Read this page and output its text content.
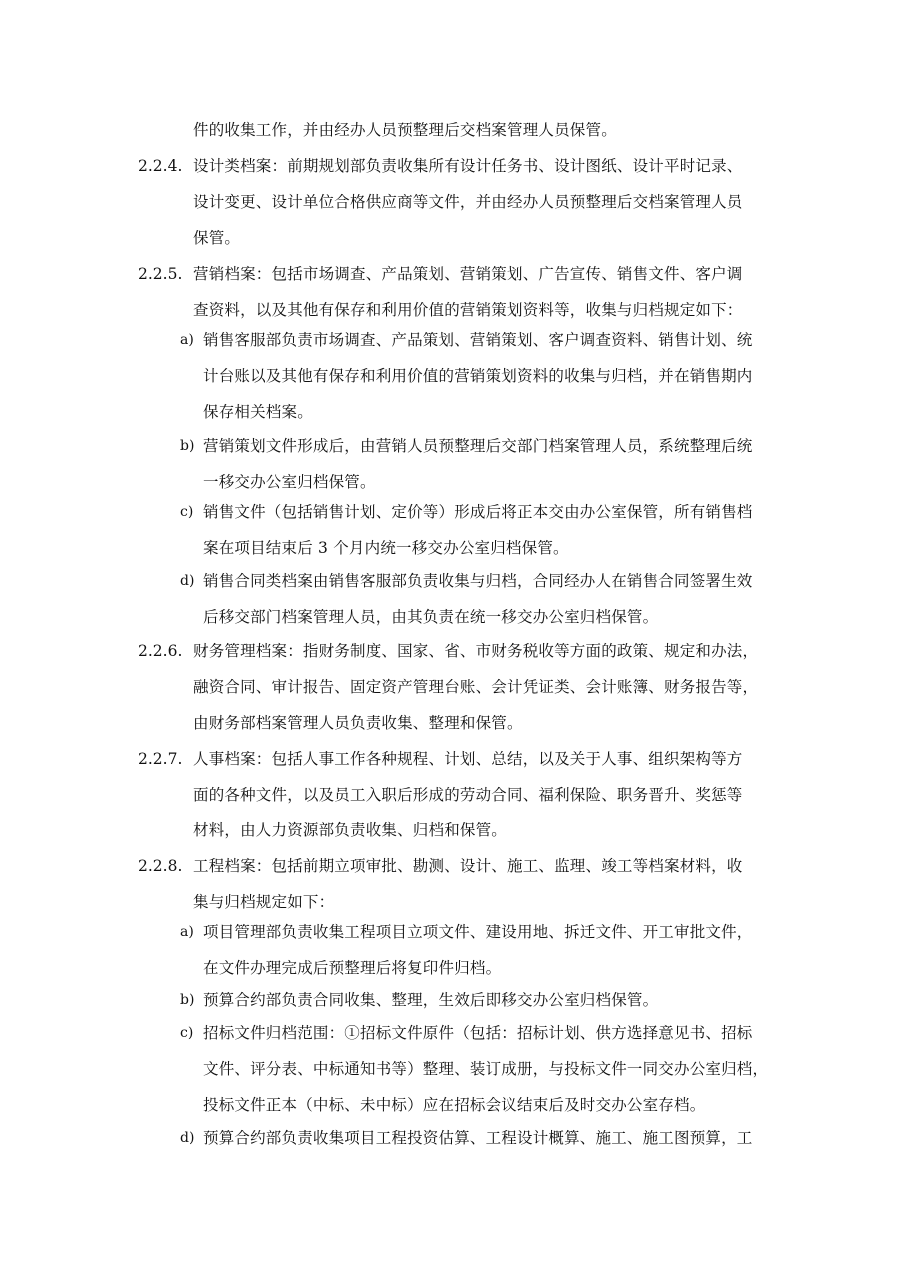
件的收集工作，并由经办人员预整理后交档案管理人员保管。
2.2.4. 设计类档案：前期规划部负责收集所有设计任务书、设计图纸、设计平时记录、
设计变更、设计单位合格供应商等文件，并由经办人员预整理后交档案管理人员
保管。
2.2.5. 营销档案：包括市场调查、产品策划、营销策划、广告宣传、销售文件、客户调
查资料，以及其他有保存和利用价值的营销策划资料等，收集与归档规定如下：
a) 销售客服部负责市场调查、产品策划、营销策划、客户调查资料、销售计划、统
计台账以及其他有保存和利用价值的营销策划资料的收集与归档，并在销售期内
保存相关档案。
b) 营销策划文件形成后，由营销人员预整理后交部门档案管理人员，系统整理后统
一移交办公室归档保管。
c) 销售文件（包括销售计划、定价等）形成后将正本交由办公室保管，所有销售档
案在项目结束后 3 个月内统一移交办公室归档保管。
d) 销售合同类档案由销售客服部负责收集与归档，合同经办人在销售合同签署生效
后移交部门档案管理人员，由其负责在统一移交办公室归档保管。
2.2.6. 财务管理档案：指财务制度、国家、省、市财务税收等方面的政策、规定和办法，
融资合同、审计报告、固定资产管理台账、会计凭证类、会计账簿、财务报告等，
由财务部档案管理人员负责收集、整理和保管。
2.2.7. 人事档案：包括人事工作各种规程、计划、总结，以及关于人事、组织架构等方
面的各种文件，以及员工入职后形成的劳动合同、福利保险、职务晋升、奖惩等
材料，由人力资源部负责收集、归档和保管。
2.2.8. 工程档案：包括前期立项审批、勘测、设计、施工、监理、竣工等档案材料，收
集与归档规定如下：
a) 项目管理部负责收集工程项目立项文件、建设用地、拆迁文件、开工审批文件，
在文件办理完成后预整理后将复印件归档。
b) 预算合约部负责合同收集、整理，生效后即移交办公室归档保管。
c) 招标文件归档范围：①招标文件原件（包括：招标计划、供方选择意见书、招标
文件、评分表、中标通知书等）整理、装订成册，与投标文件一同交办公室归档，
投标文件正本（中标、未中标）应在招标会议结束后及时交办公室存档。
d) 预算合约部负责收集项目工程投资估算、工程设计概算、施工、施工图预算，工
